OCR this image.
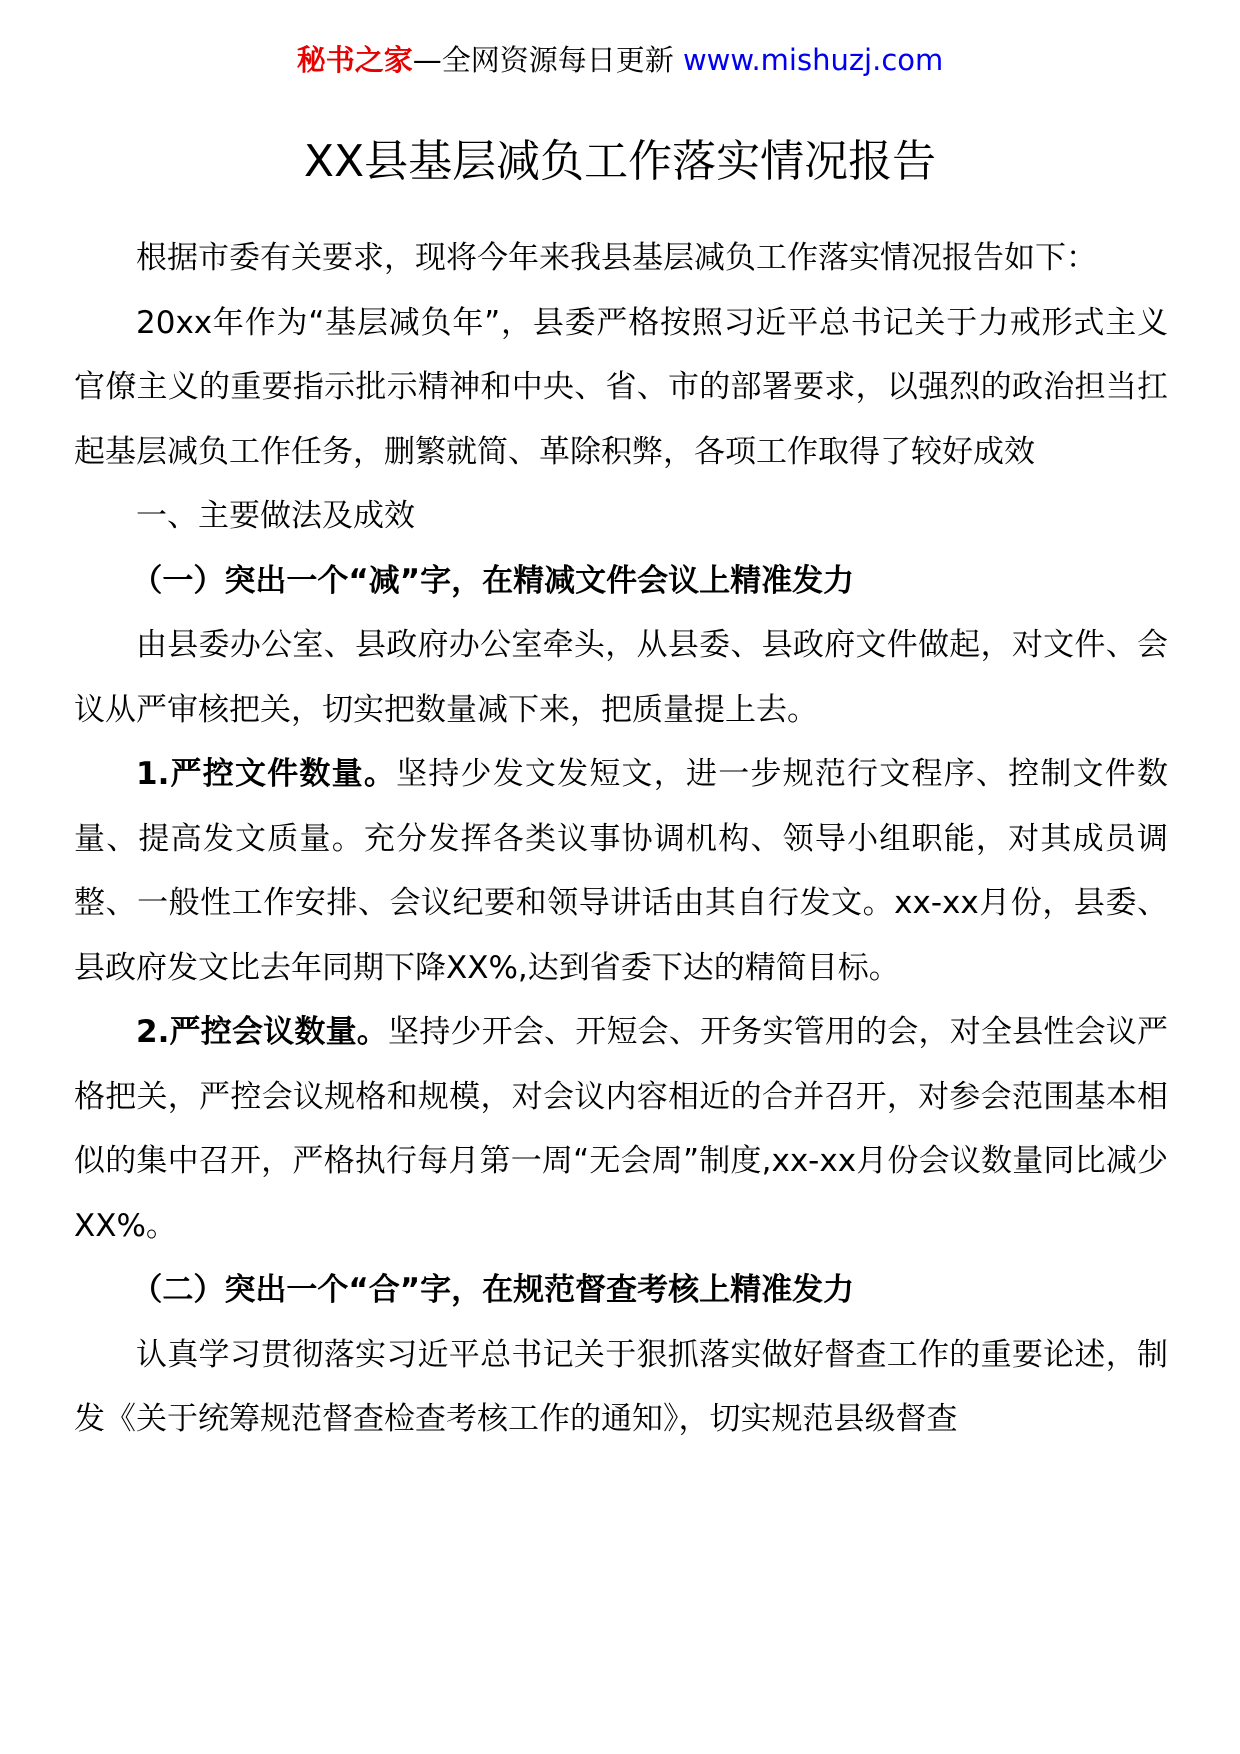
秘书之家—全网资源每日更新 www.mishuzj.com
XX县基层减负工作落实情况报告

根据市委有关要求，现将今年来我县基层减负工作落实情况报告如下：

20xx年作为“基层减负年”，县委严格按照习近平总书记关于力戒形式主义官僚主义的重要指示批示精神和中央、省、市的部署要求，以强烈的政治担当扛起基层减负工作任务，删繁就简、革除积弊，各项工作取得了较好成效

一、主要做法及成效

（一）突出一个“减”字，在精减文件会议上精准发力

由县委办公室、县政府办公室牵头，从县委、县政府文件做起，对文件、会议从严审核把关，切实把数量减下来，把质量提上去。

1.严控文件数量。坚持少发文发短文，进一步规范行文程序、控制文件数量、提高发文质量。充分发挥各类议事协调机构、领导小组职能，对其成员调整、一般性工作安排、会议纪要和领导讲话由其自行发文。xx-xx月份，县委、县政府发文比去年同期下降XX%,达到省委下达的精简目标。

2.严控会议数量。坚持少开会、开短会、开务实管用的会，对全县性会议严格把关，严控会议规格和规模，对会议内容相近的合并召开，对参会范围基本相似的集中召开，严格执行每月第一周“无会周”制度,xx-xx月份会议数量同比减少XX%。

（二）突出一个“合”字，在规范督查考核上精准发力

认真学习贯彻落实习近平总书记关于狠抓落实做好督查工作的重要论述，制发《关于统筹规范督查检查考核工作的通知》，切实规范县级督查
